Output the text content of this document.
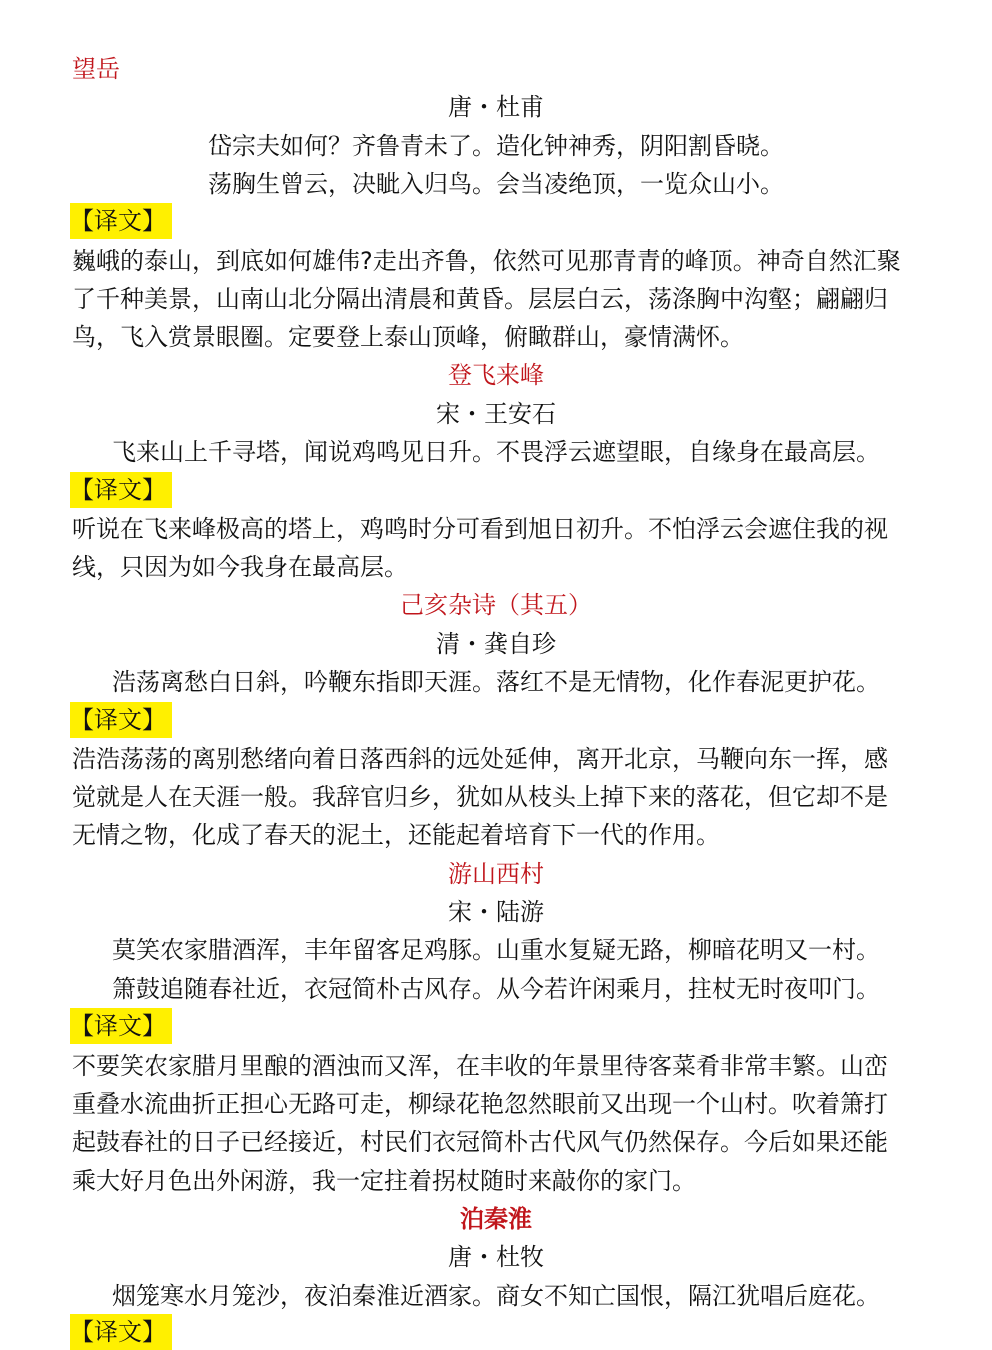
望岳
唐・杜甫
岱宗夫如何？齐鲁青未了。造化钟神秀，阴阳割昏晓。
荡胸生曾云，决眦入归鸟。会当凌绝顶，一览众山小。
【译文】
巍峨的泰山，到底如何雄伟?走出齐鲁，依然可见那青青的峰顶。神奇自然汇聚
了千种美景，山南山北分隔出清晨和黄昏。层层白云，荡涤胸中沟壑；翩翩归
鸟，飞入赏景眼圈。定要登上泰山顶峰，俯瞰群山，豪情满怀。
登飞来峰
宋・王安石
飞来山上千寻塔，闻说鸡鸣见日升。不畏浮云遮望眼，自缘身在最高层。
【译文】
听说在飞来峰极高的塔上，鸡鸣时分可看到旭日初升。不怕浮云会遮住我的视
线，只因为如今我身在最高层。
己亥杂诗（其五）
清・龚自珍
浩荡离愁白日斜，吟鞭东指即天涯。落红不是无情物，化作春泥更护花。
【译文】
浩浩荡荡的离别愁绪向着日落西斜的远处延伸，离开北京，马鞭向东一挥，感
觉就是人在天涯一般。我辞官归乡，犹如从枝头上掉下来的落花，但它却不是
无情之物，化成了春天的泥土，还能起着培育下一代的作用。
游山西村
宋・陆游
莫笑农家腊酒浑，丰年留客足鸡豚。山重水复疑无路，柳暗花明又一村。
箫鼓追随春社近，衣冠简朴古风存。从今若许闲乘月，拄杖无时夜叩门。
【译文】
不要笑农家腊月里酿的酒浊而又浑，在丰收的年景里待客菜肴非常丰繁。山峦
重叠水流曲折正担心无路可走，柳绿花艳忽然眼前又出现一个山村。吹着箫打
起鼓春社的日子已经接近，村民们衣冠简朴古代风气仍然保存。今后如果还能
乘大好月色出外闲游，我一定拄着拐杖随时来敲你的家门。
泊秦淮
唐・杜牧
烟笼寒水月笼沙，夜泊秦淮近酒家。商女不知亡国恨，隔江犹唱后庭花。
【译文】
